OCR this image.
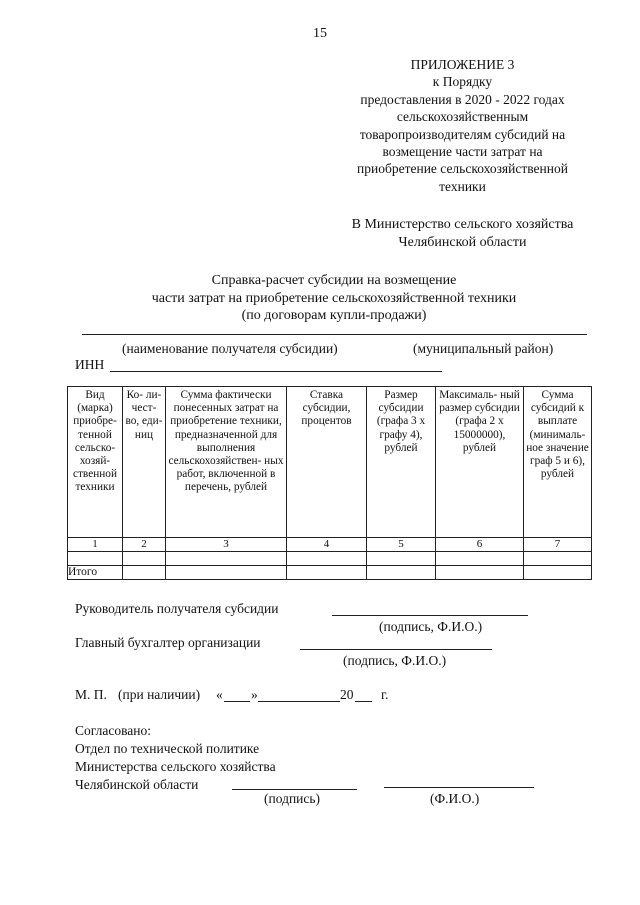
15
ПРИЛОЖЕНИЕ 3
к Порядку
предоставления в 2020 - 2022 годах
сельскохозяйственным
товаропроизводителям субсидий на
возмещение части затрат на
приобретение сельскохозяйственной
техники
В Министерство сельского хозяйства
Челябинской области
Справка-расчет субсидии на возмещение
части затрат на приобретение сельскохозяйственной техники
(по договорам купли-продажи)
(наименование получателя субсидии)	(муниципальный район)
ИНН
Вид (марка) приобре- тенной сельско- хозяй- ственной техники	Ко- ли- чест- во, еди- ниц	Сумма фактически понесенных затрат на приобретение техники, предназначенной для выполнения сельскохозяйствен- ных работ, включенной в перечень, рублей	Ставка субсидии, процентов	Размер субсидии (графа 3 x графу 4), рублей	Максималь- ный размер субсидии (графа 2 x 15000000), рублей	Сумма субсидий к выплате (минималь- ное значение граф 5 и 6), рублей
1	2	3	4	5	6	7

Итого						
Руководитель получателя субсидии
(подпись, Ф.И.О.)
Главный бухгалтер организации
(подпись, Ф.И.О.)
М. П. (при наличии) « »	20 г.
Согласовано:
Отдел по технической политике
Министерства сельского хозяйства
Челябинской области
(подпись)	(Ф.И.О.)
